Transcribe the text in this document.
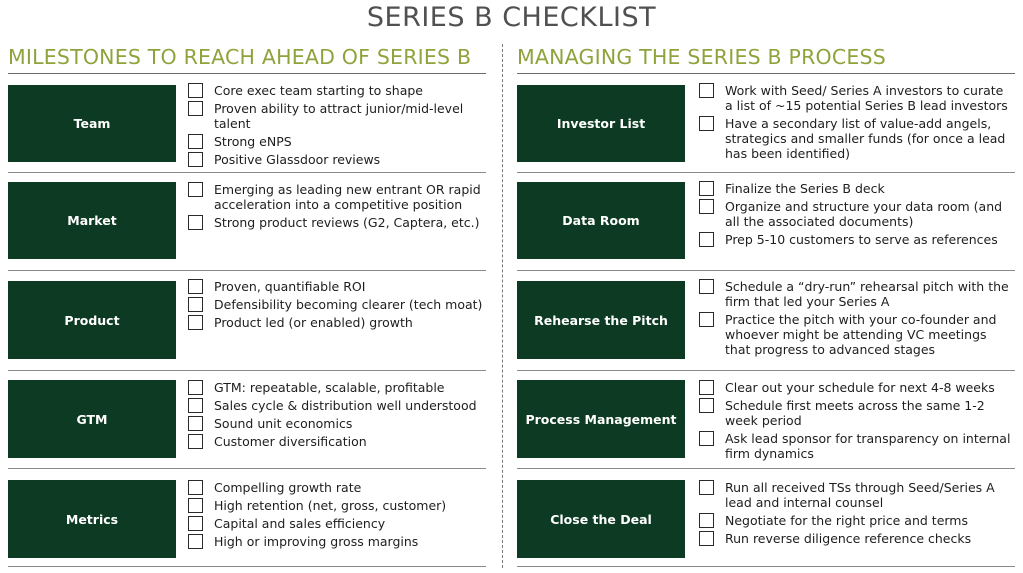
SERIES B CHECKLIST
MILESTONES TO REACH AHEAD OF SERIES B MANAGING THE SERIES B PROCESS
Team
Core exec team starting to shape
Proven ability to attract junior/mid-level talent
Strong eNPS
Positive Glassdoor reviews
Market
Emerging as leading new entrant OR rapid acceleration into a competitive position
Strong product reviews (G2, Captera, etc.)
Product
Proven, quantifiable ROI
Defensibility becoming clearer (tech moat)
Product led (or enabled) growth
GTM
GTM: repeatable, scalable, profitable
Sales cycle & distribution well understood
Sound unit economics
Customer diversification
Metrics
Compelling growth rate
High retention (net, gross, customer)
Capital and sales efficiency
High or improving gross margins
Investor List
Work with Seed/ Series A investors to curate a list of ~15 potential Series B lead investors
Have a secondary list of value-add angels, strategics and smaller funds (for once a lead has been identified)
Data Room
Finalize the Series B deck
Organize and structure your data room (and all the associated documents)
Prep 5-10 customers to serve as references
Rehearse the Pitch
Schedule a “dry-run” rehearsal pitch with the firm that led your Series A
Practice the pitch with your co-founder and whoever might be attending VC meetings that progress to advanced stages
Process Management
Clear out your schedule for next 4-8 weeks
Schedule first meets across the same 1-2 week period
Ask lead sponsor for transparency on internal firm dynamics
Close the Deal
Run all received TSs through Seed/Series A lead and internal counsel
Negotiate for the right price and terms
Run reverse diligence reference checks
